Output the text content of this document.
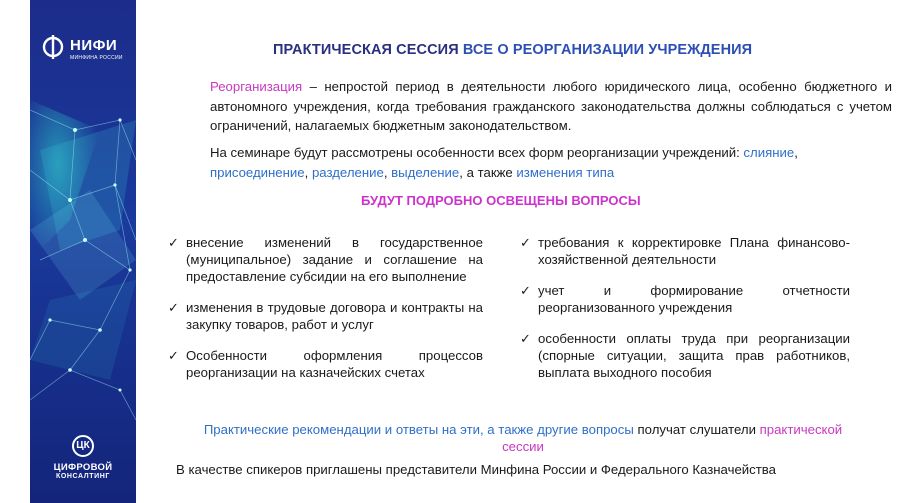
НИФИ
МИНФИНА РОССИИ
ЦК
ЦИФРОВОЙ
КОНСАЛТИНГ
ПРАКТИЧЕСКАЯ СЕССИЯ ВСЕ О РЕОРГАНИЗАЦИИ УЧРЕЖДЕНИЯ
Реорганизация – непростой период в деятельности любого юридического лица, особенно бюджетного и автономного учреждения, когда требования гражданского законодательства должны соблюдаться с учетом ограничений, налагаемых бюджетным законодательством.
На семинаре будут рассмотрены особенности всех форм реорганизации учреждений: слияние, присоединение, разделение, выделение, а также изменения типа
БУДУТ ПОДРОБНО ОСВЕЩЕНЫ ВОПРОСЫ
✓ внесение изменений в государственное (муниципальное) задание и соглашение на предоставление субсидии на его выполнение
✓ изменения в трудовые договора и контракты на закупку товаров, работ и услуг
✓ Особенности оформления процессов реорганизации на казначейских счетах
✓ требования к корректировке Плана финансово-хозяйственной деятельности
✓ учет и формирование отчетности реорганизованного учреждения
✓ особенности оплаты труда при реорганизации (спорные ситуации, защита прав работников, выплата выходного пособия
Практические рекомендации и ответы на эти, а также другие вопросы получат слушатели практической сессии
В качестве спикеров приглашены представители Минфина России и Федерального Казначейства
